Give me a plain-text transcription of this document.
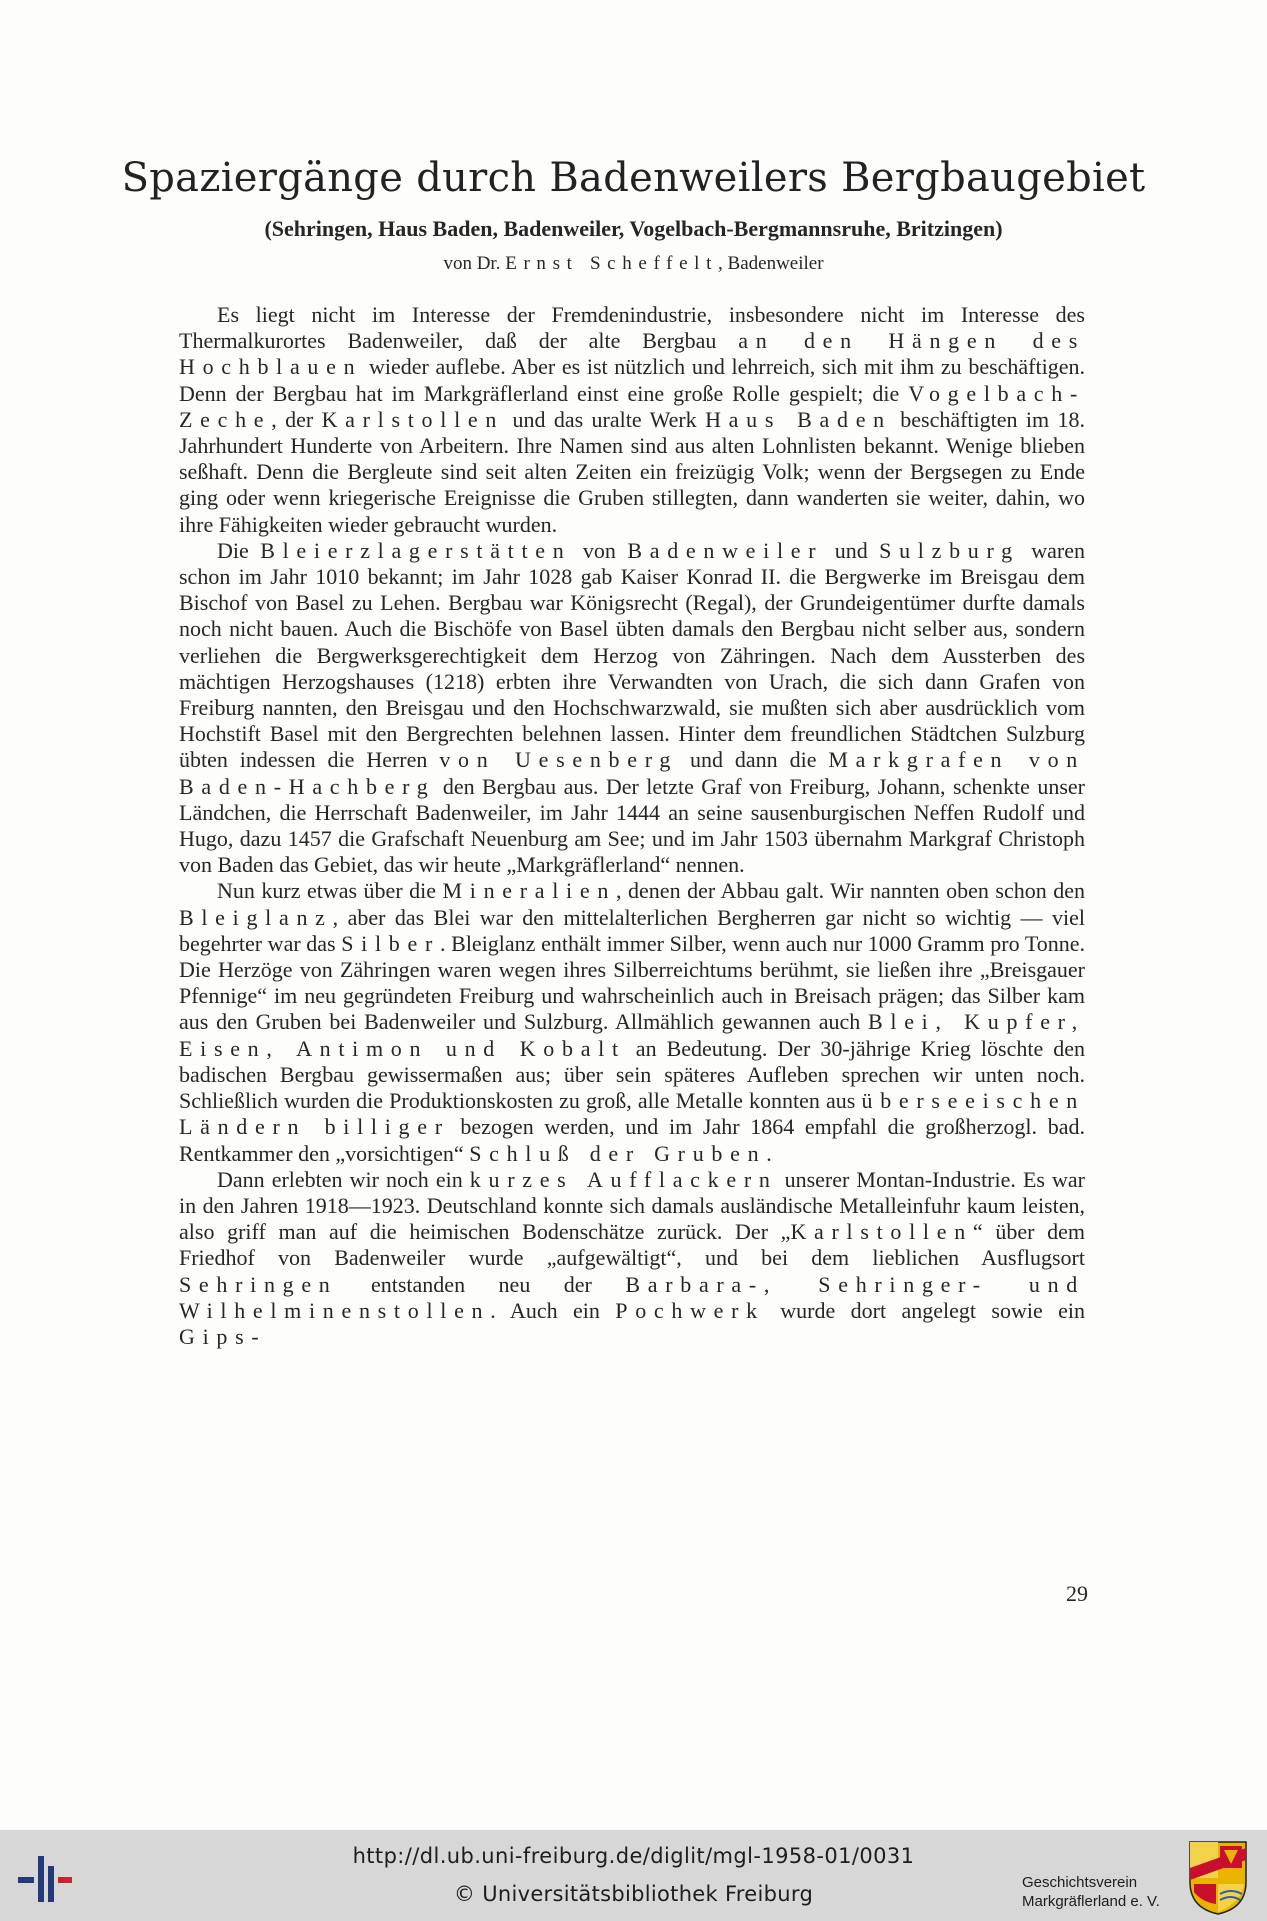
Spaziergänge durch Badenweilers Bergbaugebiet

(Sehringen, Haus Baden, Badenweiler, Vogelbach-Bergmannsruhe, Britzingen)

von Dr. Ernst Scheffelt, Badenweiler

Es liegt nicht im Interesse der Fremdenindustrie, insbesondere nicht im Interesse des Thermalkurortes Badenweiler, daß der alte Bergbau an den Hängen des Hochblauen wieder auflebe. Aber es ist nützlich und lehrreich, sich mit ihm zu beschäftigen. Denn der Bergbau hat im Markgräflerland einst eine große Rolle gespielt; die Vogelbach-Zeche, der Karlstollen und das uralte Werk Haus Baden beschäftigten im 18. Jahrhundert Hunderte von Arbeitern. Ihre Namen sind aus alten Lohnlisten bekannt. Wenige blieben seßhaft. Denn die Bergleute sind seit alten Zeiten ein freizügig Volk; wenn der Bergsegen zu Ende ging oder wenn kriegerische Ereignisse die Gruben stillegten, dann wanderten sie weiter, dahin, wo ihre Fähigkeiten wieder gebraucht wurden.

Die Bleierzlagerstätten von Badenweiler und Sulzburg waren schon im Jahr 1010 bekannt; im Jahr 1028 gab Kaiser Konrad II. die Bergwerke im Breisgau dem Bischof von Basel zu Lehen. Bergbau war Königsrecht (Regal), der Grundeigentümer durfte damals noch nicht bauen. Auch die Bischöfe von Basel übten damals den Bergbau nicht selber aus, sondern verliehen die Bergwerksgerechtigkeit dem Herzog von Zähringen. Nach dem Aussterben des mächtigen Herzogshauses (1218) erbten ihre Verwandten von Urach, die sich dann Grafen von Freiburg nannten, den Breisgau und den Hochschwarzwald, sie mußten sich aber ausdrücklich vom Hochstift Basel mit den Bergrechten belehnen lassen. Hinter dem freundlichen Städtchen Sulzburg übten indessen die Herren von Uesenberg und dann die Markgrafen von Baden-Hachberg den Bergbau aus. Der letzte Graf von Freiburg, Johann, schenkte unser Ländchen, die Herrschaft Badenweiler, im Jahr 1444 an seine sausenburgischen Neffen Rudolf und Hugo, dazu 1457 die Grafschaft Neuenburg am See; und im Jahr 1503 übernahm Markgraf Christoph von Baden das Gebiet, das wir heute „Markgräflerland“ nennen.

Nun kurz etwas über die Mineralien, denen der Abbau galt. Wir nannten oben schon den Bleiglanz, aber das Blei war den mittelalterlichen Bergherren gar nicht so wichtig — viel begehrter war das Silber. Bleiglanz enthält immer Silber, wenn auch nur 1000 Gramm pro Tonne. Die Herzöge von Zähringen waren wegen ihres Silberreichtums berühmt, sie ließen ihre „Breisgauer Pfennige“ im neu gegründeten Freiburg und wahrscheinlich auch in Breisach prägen; das Silber kam aus den Gruben bei Badenweiler und Sulzburg. Allmählich gewannen auch Blei, Kupfer, Eisen, Antimon und Kobalt an Bedeutung. Der 30-jährige Krieg löschte den badischen Bergbau gewissermaßen aus; über sein späteres Aufleben sprechen wir unten noch. Schließlich wurden die Produktionskosten zu groß, alle Metalle konnten aus überseeischen Ländern billiger bezogen werden, und im Jahr 1864 empfahl die großherzogl. bad. Rentkammer den „vorsichtigen“ Schluß der Gruben.

Dann erlebten wir noch ein kurzes Aufflackern unserer Montan-Industrie. Es war in den Jahren 1918—1923. Deutschland konnte sich damals ausländische Metalleinfuhr kaum leisten, also griff man auf die heimischen Bodenschätze zurück. Der „Karlstollen“ über dem Friedhof von Badenweiler wurde „aufgewältigt“, und bei dem lieblichen Ausflugsort Sehringen entstanden neu der Barbara-, Sehringer- und Wilhelminenstollen. Auch ein Pochwerk wurde dort angelegt sowie ein Gips-

29
http://dl.ub.uni-freiburg.de/diglit/mgl-1958-01/0031
© Universitätsbibliothek Freiburg	Geschichtsverein
Markgräflerland e. V.
